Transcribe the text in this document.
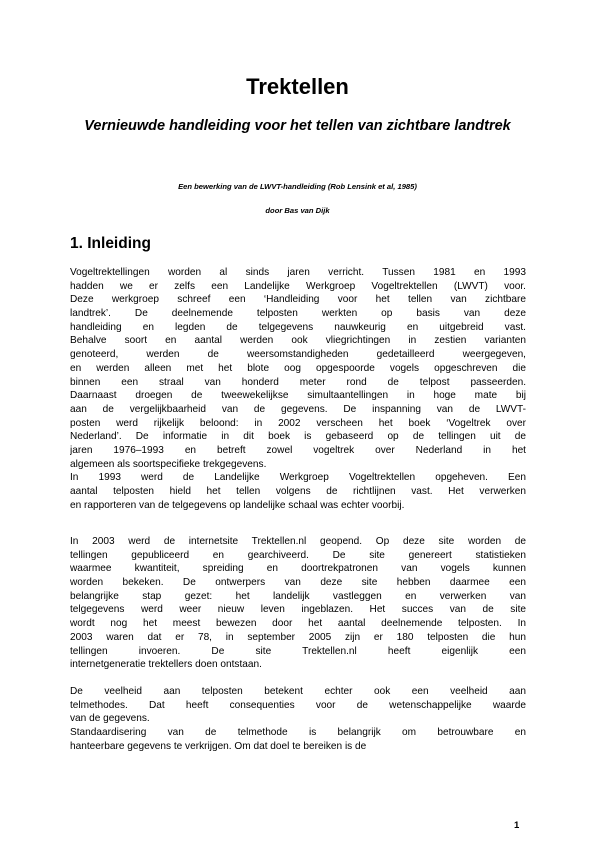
Trektellen
Vernieuwde handleiding voor het tellen van zichtbare landtrek

Een bewerking van de LWVT-handleiding (Rob Lensink et al, 1985)

door Bas van Dijk

1. Inleiding
Vogeltrektellingen worden al sinds jaren verricht. Tussen 1981 en 1993
hadden we er zelfs een Landelijke Werkgroep Vogeltrektellen (LWVT) voor.
Deze werkgroep schreef een ‘Handleiding voor het tellen van zichtbare
landtrek’. De deelnemende telposten werkten op basis van deze
handleiding en legden de telgegevens nauwkeurig en uitgebreid vast.
Behalve soort en aantal werden ook vliegrichtingen in zestien varianten
genoteerd, werden de weersomstandigheden gedetailleerd weergegeven,
en werden alleen met het blote oog opgespoorde vogels opgeschreven die
binnen een straal van honderd meter rond de telpost passeerden.
Daarnaast droegen de tweewekelijkse simultaantellingen in hoge mate bij
aan de vergelijkbaarheid van de gegevens. De inspanning van de LWVT-
posten werd rijkelijk beloond: in 2002 verscheen het boek ‘Vogeltrek over
Nederland’. De informatie in dit boek is gebaseerd op de tellingen uit de
jaren 1976–1993 en betreft zowel vogeltrek over Nederland in het
algemeen als soortspecifieke trekgegevens.
In 1993 werd de Landelijke Werkgroep Vogeltrektellen opgeheven. Een
aantal telposten hield het tellen volgens de richtlijnen vast. Het verwerken
en rapporteren van de telgegevens op landelijke schaal was echter voorbij.
In 2003 werd de internetsite Trektellen.nl geopend. Op deze site worden de
tellingen gepubliceerd en gearchiveerd. De site genereert statistieken
waarmee kwantiteit, spreiding en doortrekpatronen van vogels kunnen
worden bekeken. De ontwerpers van deze site hebben daarmee een
belangrijke stap gezet: het landelijk vastleggen en verwerken van
telgegevens werd weer nieuw leven ingeblazen. Het succes van de site
wordt nog het meest bewezen door het aantal deelnemende telposten. In
2003 waren dat er 78, in september 2005 zijn er 180 telposten die hun
tellingen invoeren. De site Trektellen.nl heeft eigenlijk een
internetgeneratie trektellers doen ontstaan.
De veelheid aan telposten betekent echter ook een veelheid aan
telmethodes. Dat heeft consequenties voor de wetenschappelijke waarde
van de gegevens.
Standaardisering van de telmethode is belangrijk om betrouwbare en
hanteerbare gegevens te verkrijgen. Om dat doel te bereiken is de
1
